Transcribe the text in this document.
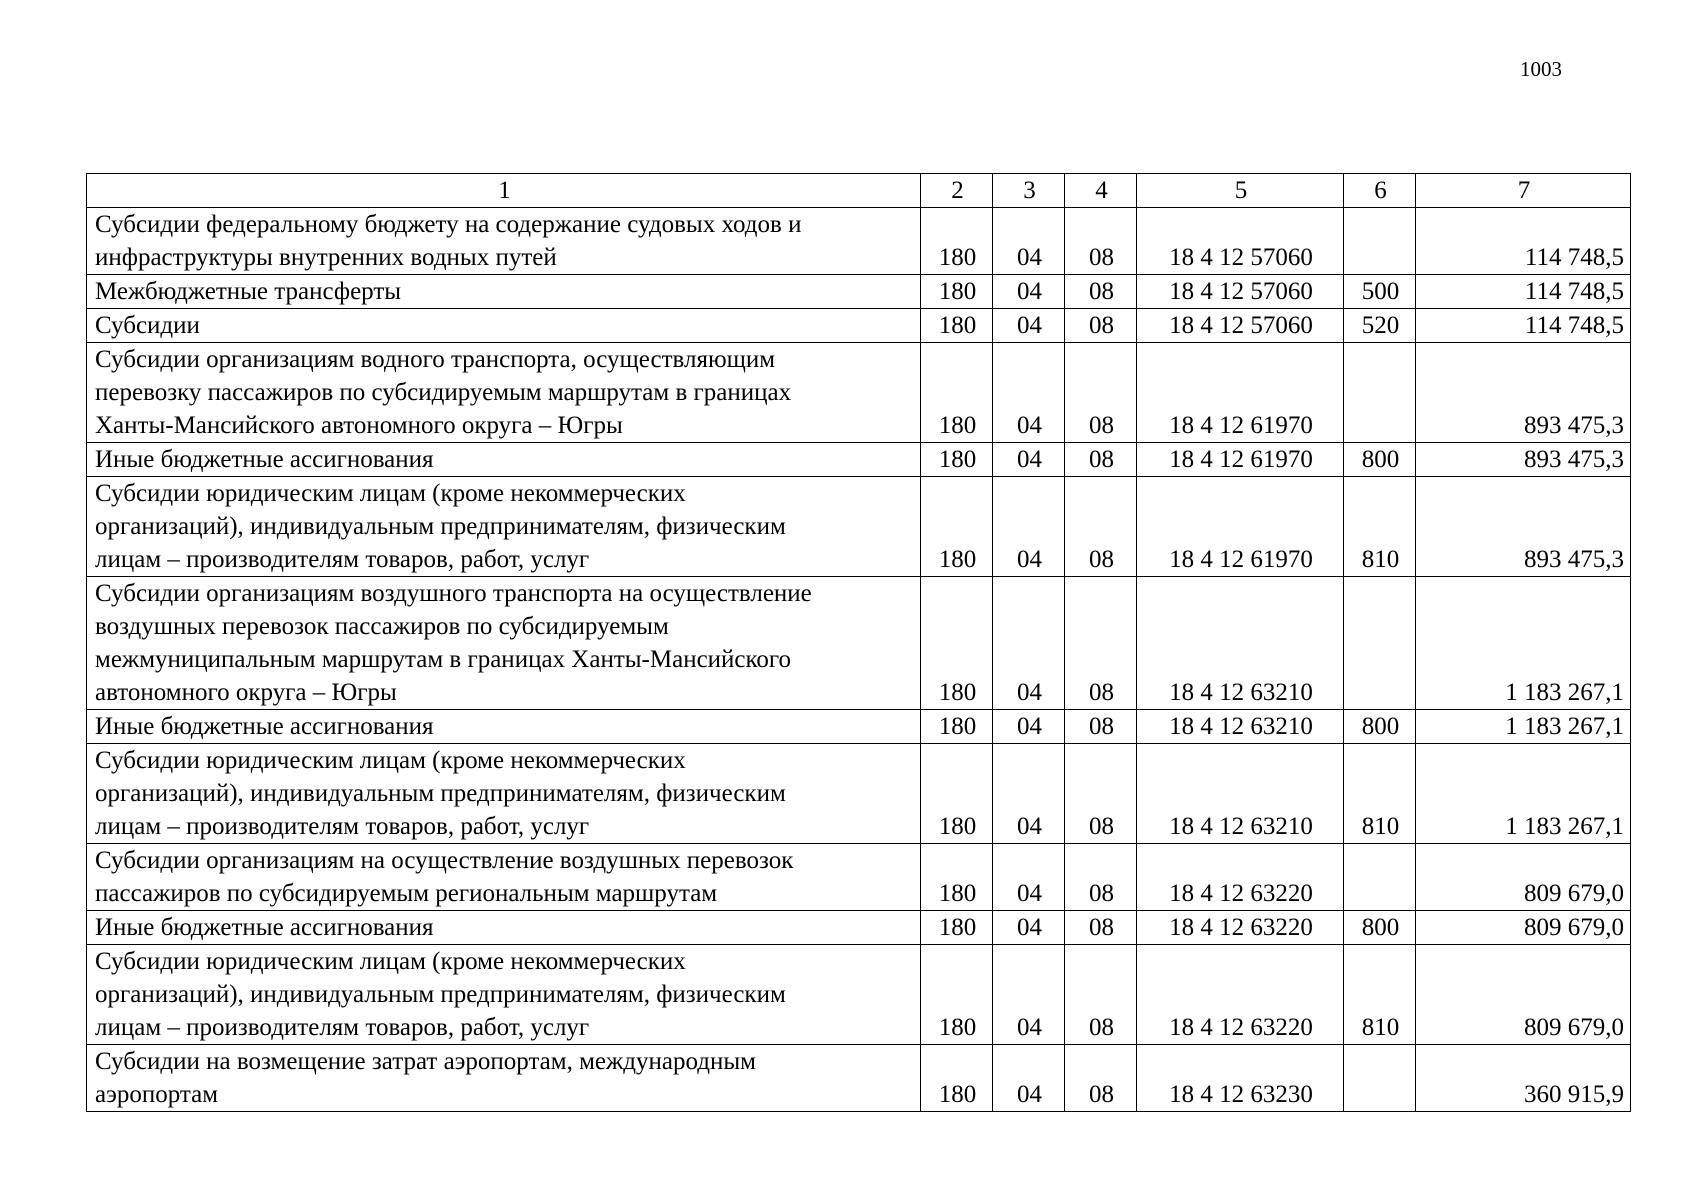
1003
1	2	3	4	5	6	7
Субсидии федеральному бюджету на содержание судовых ходов и
инфраструктуры внутренних водных путей	180	04	08	18 4 12 57060		114 748,5
Межбюджетные трансферты	180	04	08	18 4 12 57060	500	114 748,5
Субсидии	180	04	08	18 4 12 57060	520	114 748,5
Субсидии организациям водного транспорта, осуществляющим
перевозку пассажиров по субсидируемым маршрутам в границах
Ханты-Мансийского автономного округа – Югры	180	04	08	18 4 12 61970		893 475,3
Иные бюджетные ассигнования	180	04	08	18 4 12 61970	800	893 475,3
Субсидии юридическим лицам (кроме некоммерческих
организаций), индивидуальным предпринимателям, физическим
лицам – производителям товаров, работ, услуг	180	04	08	18 4 12 61970	810	893 475,3
Субсидии организациям воздушного транспорта на осуществление
воздушных перевозок пассажиров по субсидируемым
межмуниципальным маршрутам в границах Ханты-Мансийского
автономного округа – Югры	180	04	08	18 4 12 63210		1 183 267,1
Иные бюджетные ассигнования	180	04	08	18 4 12 63210	800	1 183 267,1
Субсидии юридическим лицам (кроме некоммерческих
организаций), индивидуальным предпринимателям, физическим
лицам – производителям товаров, работ, услуг	180	04	08	18 4 12 63210	810	1 183 267,1
Субсидии организациям на осуществление воздушных перевозок
пассажиров по субсидируемым региональным маршрутам	180	04	08	18 4 12 63220		809 679,0
Иные бюджетные ассигнования	180	04	08	18 4 12 63220	800	809 679,0
Субсидии юридическим лицам (кроме некоммерческих
организаций), индивидуальным предпринимателям, физическим
лицам – производителям товаров, работ, услуг	180	04	08	18 4 12 63220	810	809 679,0
Субсидии на возмещение затрат аэропортам, международным
аэропортам	180	04	08	18 4 12 63230		360 915,9
